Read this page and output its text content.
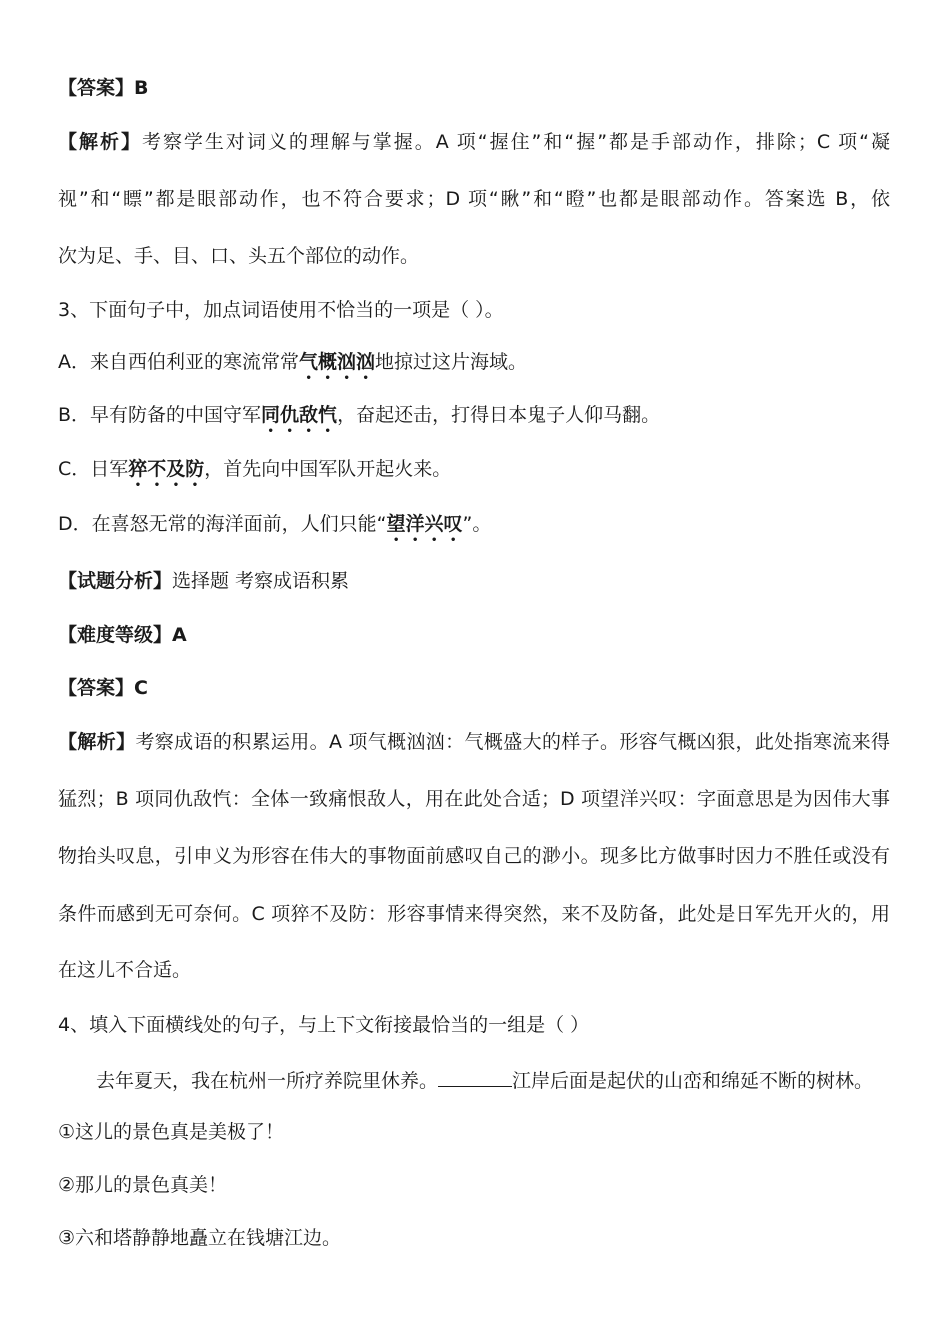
【答案】B
【解析】考察学生对词义的理解与掌握。A 项“握住”和“握”都是手部动作，排除；C 项“凝
视”和“瞟”都是眼部动作，也不符合要求；D 项“瞅”和“瞪”也都是眼部动作。答案选 B，依
次为足、手、目、口、头五个部位的动作。
3、下面句子中，加点词语使用不恰当的一项是（ ）。
A．来自西伯利亚的寒流常常气概汹汹地掠过这片海域。
B．早有防备的中国守军同仇敌忾，奋起还击，打得日本鬼子人仰马翻。
C．日军猝不及防，首先向中国军队开起火来。
D．在喜怒无常的海洋面前，人们只能“望洋兴叹”。
【试题分析】选择题 考察成语积累
【难度等级】A
【答案】C
【解析】考察成语的积累运用。A 项气概汹汹：气概盛大的样子。形容气概凶狠，此处指寒流来得
猛烈；B 项同仇敌忾：全体一致痛恨敌人，用在此处合适；D 项望洋兴叹：字面意思是为因伟大事
物抬头叹息，引申义为形容在伟大的事物面前感叹自己的渺小。现多比方做事时因力不胜任或没有
条件而感到无可奈何。C 项猝不及防：形容事情来得突然，来不及防备，此处是日军先开火的，用
在这儿不合适。
4、填入下面横线处的句子，与上下文衔接最恰当的一组是（ ）
去年夏天，我在杭州一所疗养院里休养。	江岸后面是起伏的山峦和绵延不断的树林。
①这儿的景色真是美极了！
②那儿的景色真美！
③六和塔静静地矗立在钱塘江边。
